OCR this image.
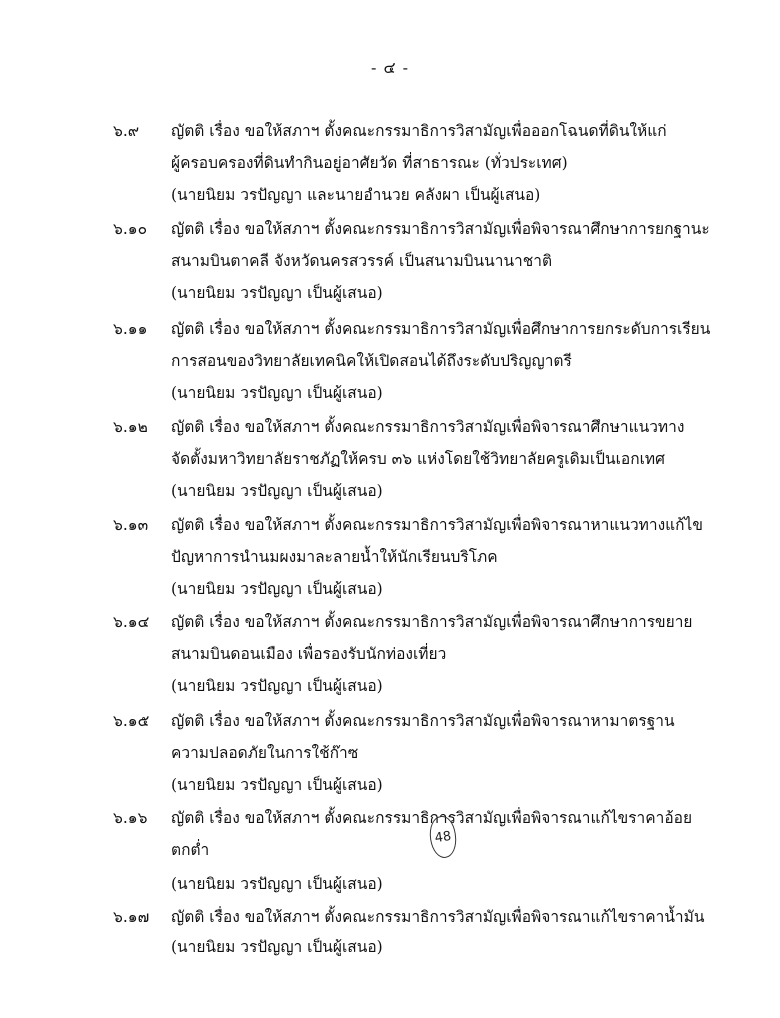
- ๔ -
๖.๙ ญัตติ เรื่อง ขอให้สภาฯ ตั้งคณะกรรมาธิการวิสามัญเพื่อออกโฉนดที่ดินให้แก่
ผู้ครอบครองที่ดินทำกินอยู่อาศัยวัด ที่สาธารณะ (ทั่วประเทศ)
(นายนิยม วรปัญญา และนายอำนวย คลังผา เป็นผู้เสนอ)
๖.๑๐ ญัตติ เรื่อง ขอให้สภาฯ ตั้งคณะกรรมาธิการวิสามัญเพื่อพิจารณาศึกษาการยกฐานะ
สนามบินตาคลี จังหวัดนครสวรรค์ เป็นสนามบินนานาชาติ
(นายนิยม วรปัญญา เป็นผู้เสนอ)
๖.๑๑ ญัตติ เรื่อง ขอให้สภาฯ ตั้งคณะกรรมาธิการวิสามัญเพื่อศึกษาการยกระดับการเรียน
การสอนของวิทยาลัยเทคนิคให้เปิดสอนได้ถึงระดับปริญญาตรี
(นายนิยม วรปัญญา เป็นผู้เสนอ)
๖.๑๒ ญัตติ เรื่อง ขอให้สภาฯ ตั้งคณะกรรมาธิการวิสามัญเพื่อพิจารณาศึกษาแนวทาง
จัดตั้งมหาวิทยาลัยราชภัฏให้ครบ ๓๖ แห่งโดยใช้วิทยาลัยครูเดิมเป็นเอกเทศ
(นายนิยม วรปัญญา เป็นผู้เสนอ)
๖.๑๓ ญัตติ เรื่อง ขอให้สภาฯ ตั้งคณะกรรมาธิการวิสามัญเพื่อพิจารณาหาแนวทางแก้ไข
ปัญหาการนำนมผงมาละลายน้ำให้นักเรียนบริโภค
(นายนิยม วรปัญญา เป็นผู้เสนอ)
๖.๑๔ ญัตติ เรื่อง ขอให้สภาฯ ตั้งคณะกรรมาธิการวิสามัญเพื่อพิจารณาศึกษาการขยาย
สนามบินดอนเมือง เพื่อรองรับนักท่องเที่ยว
(นายนิยม วรปัญญา เป็นผู้เสนอ)
๖.๑๕ ญัตติ เรื่อง ขอให้สภาฯ ตั้งคณะกรรมาธิการวิสามัญเพื่อพิจารณาหามาตรฐาน
ความปลอดภัยในการใช้ก๊าซ
(นายนิยม วรปัญญา เป็นผู้เสนอ)
๖.๑๖ ญัตติ เรื่อง ขอให้สภาฯ ตั้งคณะกรรมาธิการวิสามัญเพื่อพิจารณาแก้ไขราคาอ้อย
ตกต่ำ
(นายนิยม วรปัญญา เป็นผู้เสนอ)
๖.๑๗ ญัตติ เรื่อง ขอให้สภาฯ ตั้งคณะกรรมาธิการวิสามัญเพื่อพิจารณาแก้ไขราคาน้ำมัน
(นายนิยม วรปัญญา เป็นผู้เสนอ)
48
